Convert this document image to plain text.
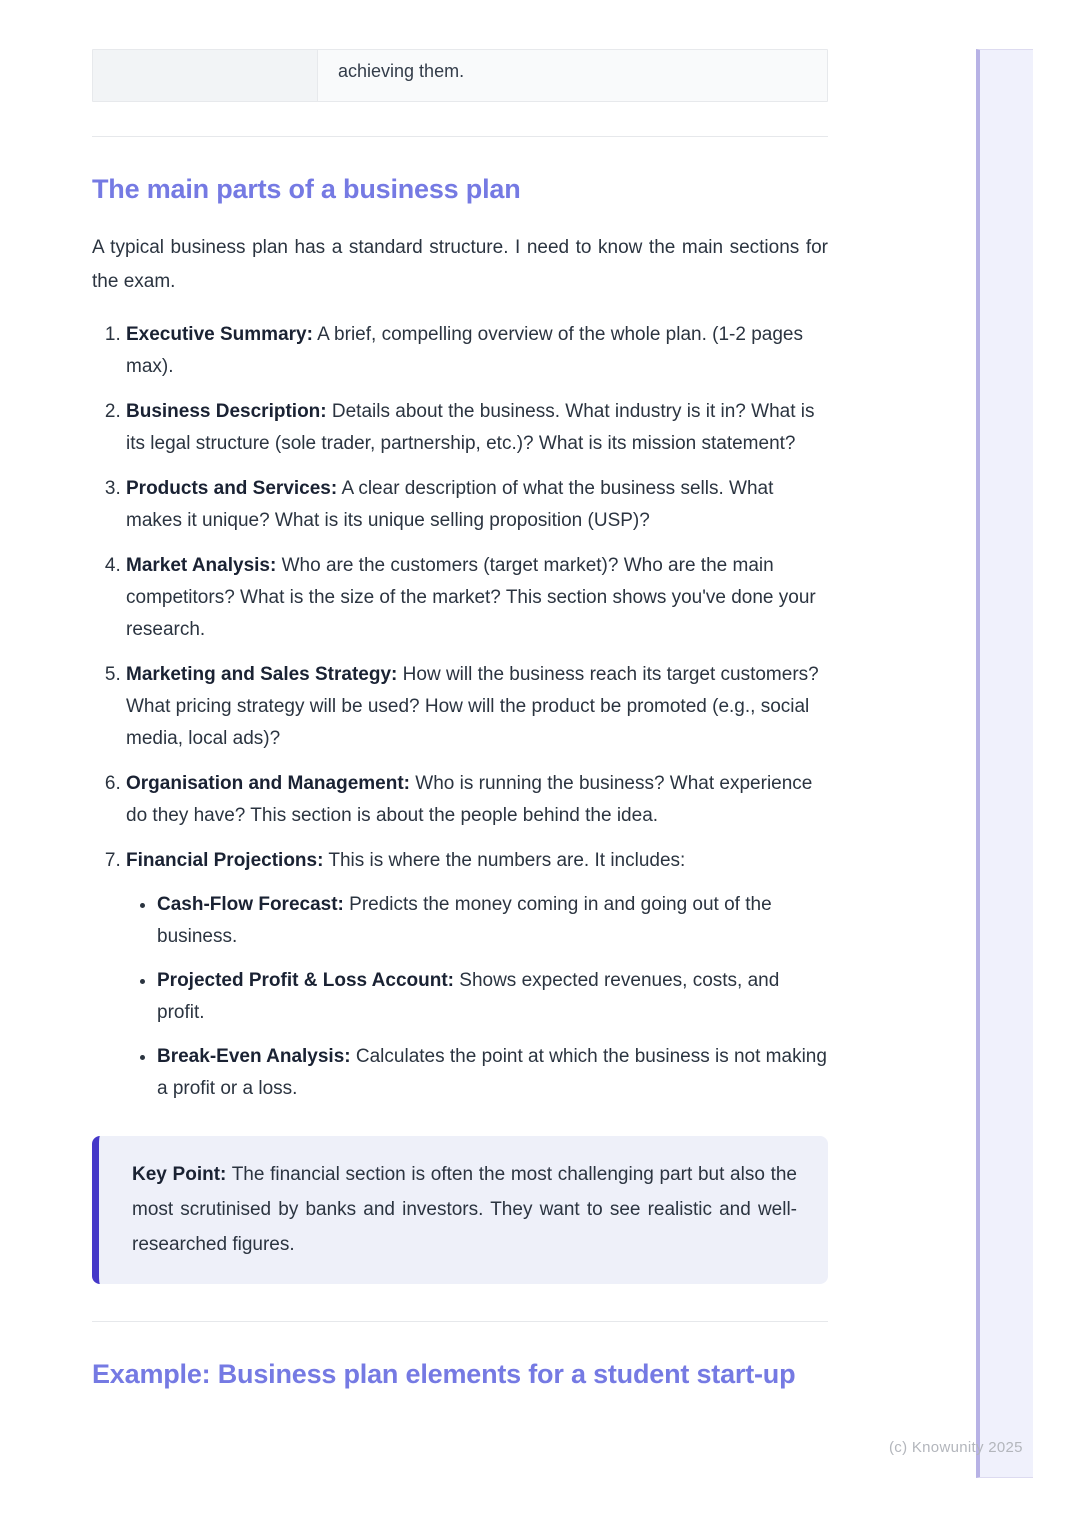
achieving them.
The main parts of a business plan

A typical business plan has a standard structure. I need to know the main sections for the exam.

1. Executive Summary: A brief, compelling overview of the whole plan. (1-2 pages max).
2. Business Description: Details about the business. What industry is it in? What is its legal structure (sole trader, partnership, etc.)? What is its mission statement?
3. Products and Services: A clear description of what the business sells. What makes it unique? What is its unique selling proposition (USP)?
4. Market Analysis: Who are the customers (target market)? Who are the main competitors? What is the size of the market? This section shows you've done your research.
5. Marketing and Sales Strategy: How will the business reach its target customers? What pricing strategy will be used? How will the product be promoted (e.g., social media, local ads)?
6. Organisation and Management: Who is running the business? What experience do they have? This section is about the people behind the idea.
7. Financial Projections: This is where the numbers are. It includes:
• Cash-Flow Forecast: Predicts the money coming in and going out of the business.
• Projected Profit & Loss Account: Shows expected revenues, costs, and profit.
• Break-Even Analysis: Calculates the point at which the business is not making a profit or a loss.
Key Point: The financial section is often the most challenging part but also the most scrutinised by banks and investors. They want to see realistic and well-researched figures.
Example: Business plan elements for a student start-up
(c) Knowunity 2025
